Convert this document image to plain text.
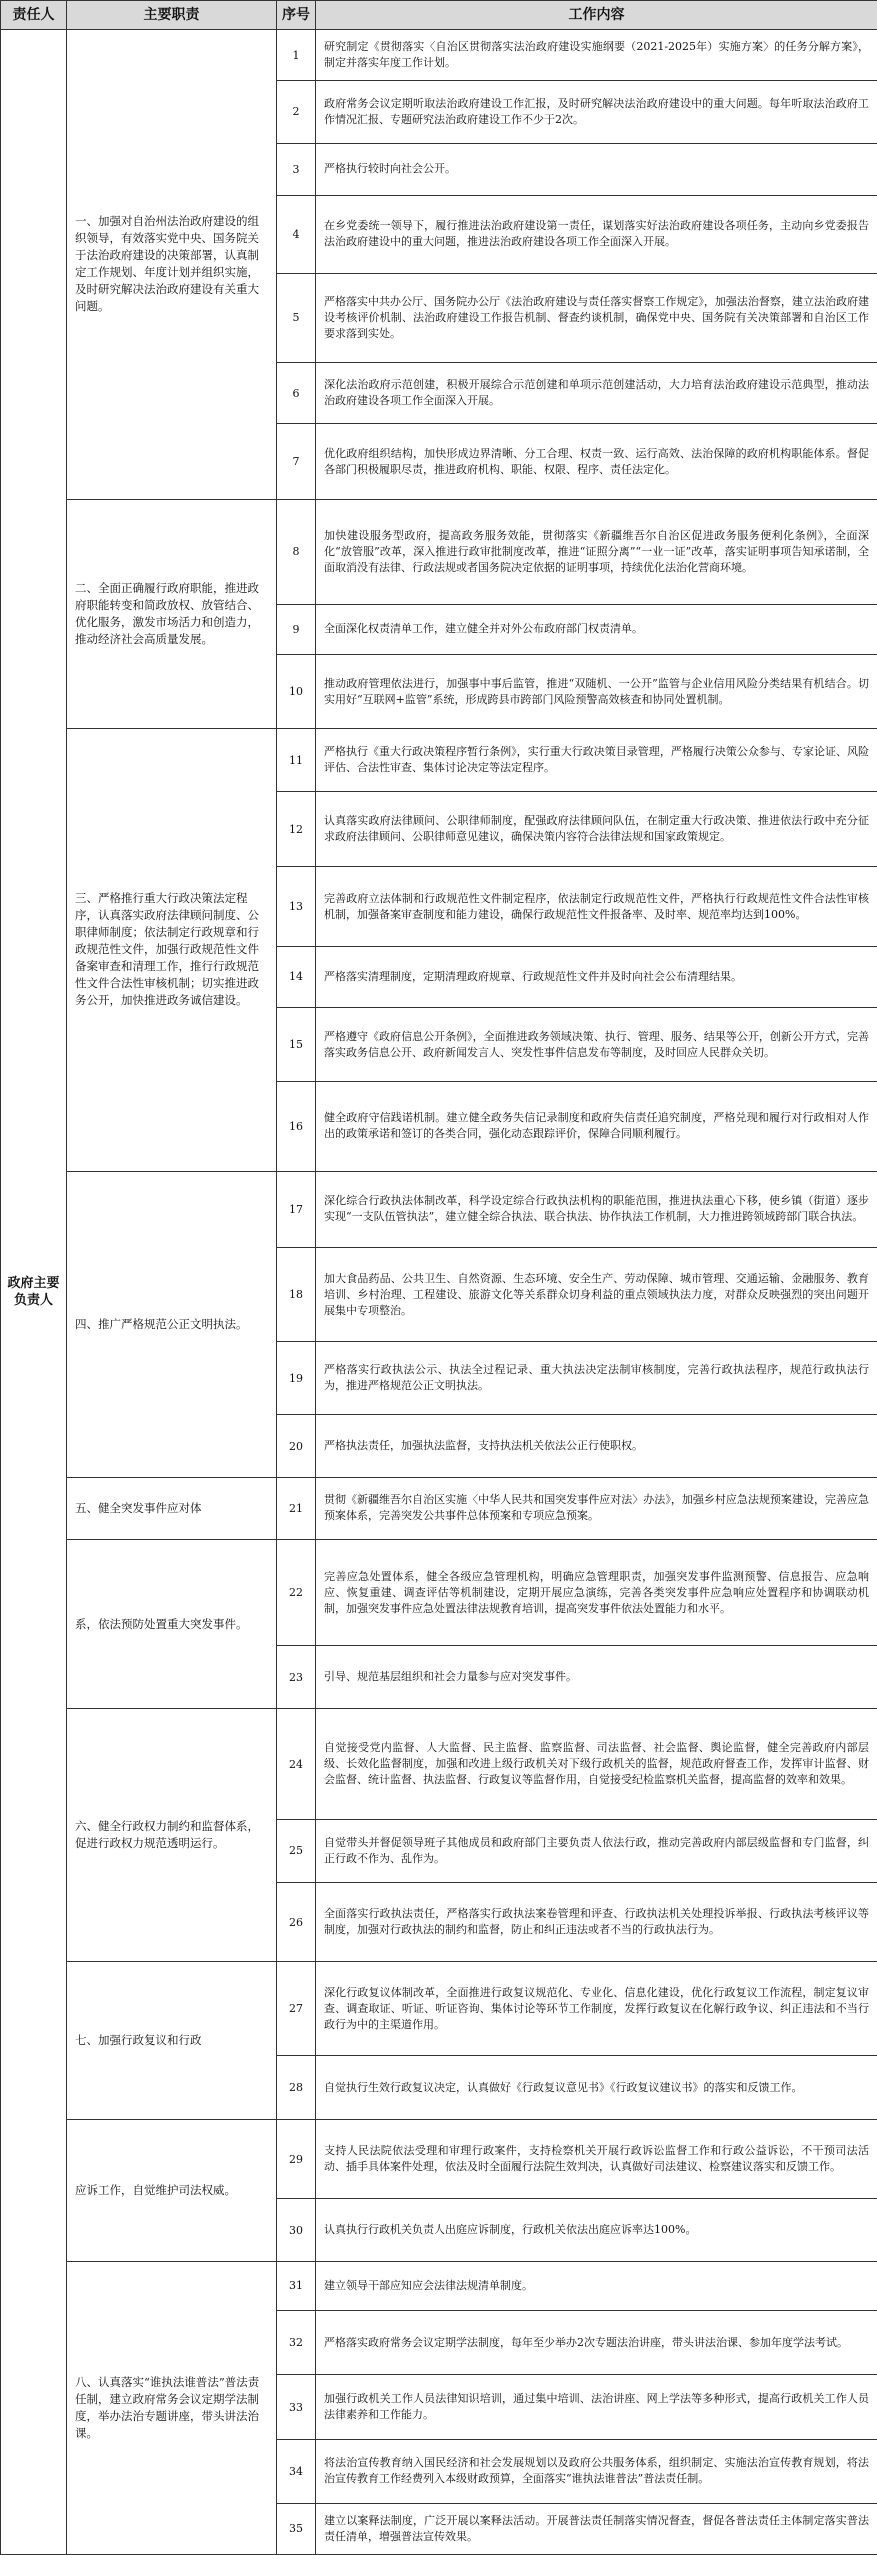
责任人	主要职责	序号	工作内容
政府主要负责人	一、加强对自治州法治政府建设的组织领导，有效落实党中央、国务院关于法治政府建设的决策部署，认真制定工作规划、年度计划并组织实施，及时研究解决法治政府建设有关重大问题。	1	研究制定《贯彻落实〈自治区贯彻落实法治政府建设实施纲要（2021-2025年）实施方案〉的任务分解方案》，制定并落实年度工作计划。
		2	政府常务会议定期听取法治政府建设工作汇报，及时研究解决法治政府建设中的重大问题。每年听取法治政府工作情况汇报、专题研究法治政府建设工作不少于2次。
		3	严格执行较时向社会公开。
		4	在乡党委统一领导下，履行推进法治政府建设第一责任，谋划落实好法治政府建设各项任务，主动向乡党委报告法治政府建设中的重大问题，推进法治政府建设各项工作全面深入开展。
		5	严格落实中共办公厅、国务院办公厅《法治政府建设与责任落实督察工作规定》，加强法治督察，建立法治政府建设考核评价机制、法治政府建设工作报告机制、督查约谈机制，确保党中央、国务院有关决策部署和自治区工作要求落到实处。
		6	深化法治政府示范创建，积极开展综合示范创建和单项示范创建活动，大力培育法治政府建设示范典型，推动法治政府建设各项工作全面深入开展。
		7	优化政府组织结构，加快形成边界清晰、分工合理、权责一致、运行高效、法治保障的政府机构职能体系。督促各部门积极履职尽责，推进政府机构、职能、权限、程序、责任法定化。
	二、全面正确履行政府职能，推进政府职能转变和简政放权、放管结合、优化服务，激发市场活力和创造力，推动经济社会高质量发展。	8	加快建设服务型政府，提高政务服务效能，贯彻落实《新疆维吾尔自治区促进政务服务便利化条例》，全面深化“放管服”改革，深入推进行政审批制度改革，推进“证照分离”“一业一证”改革，落实证明事项告知承诺制，全面取消没有法律、行政法规或者国务院决定依据的证明事项，持续优化法治化营商环境。
		9	全面深化权责清单工作，建立健全并对外公布政府部门权责清单。
		10	推动政府管理依法进行，加强事中事后监管，推进“双随机、一公开”监管与企业信用风险分类结果有机结合。切实用好“互联网+监管”系统，形成跨县市跨部门风险预警高效核查和协同处置机制。
	三、严格推行重大行政决策法定程序，认真落实政府法律顾问制度、公职律师制度；依法制定行政规章和行政规范性文件，加强行政规范性文件备案审查和清理工作，推行行政规范性文件合法性审核机制；切实推进政务公开，加快推进政务诚信建设。	11	严格执行《重大行政决策程序暂行条例》，实行重大行政决策目录管理，严格履行决策公众参与、专家论证、风险评估、合法性审查、集体讨论决定等法定程序。
		12	认真落实政府法律顾问、公职律师制度，配强政府法律顾问队伍，在制定重大行政决策、推进依法行政中充分征求政府法律顾问、公职律师意见建议，确保决策内容符合法律法规和国家政策规定。
		13	完善政府立法体制和行政规范性文件制定程序，依法制定行政规范性文件，严格执行行政规范性文件合法性审核机制，加强备案审查制度和能力建设，确保行政规范性文件报备率、及时率、规范率均达到100%。
		14	严格落实清理制度，定期清理政府规章、行政规范性文件并及时向社会公布清理结果。
		15	严格遵守《政府信息公开条例》，全面推进政务领域决策、执行、管理、服务、结果等公开，创新公开方式，完善落实政务信息公开、政府新闻发言人、突发性事件信息发布等制度，及时回应人民群众关切。
		16	健全政府守信践诺机制。建立健全政务失信记录制度和政府失信责任追究制度，严格兑现和履行对行政相对人作出的政策承诺和签订的各类合同，强化动态跟踪评价，保障合同顺利履行。
	四、推广严格规范公正文明执法。	17	深化综合行政执法体制改革，科学设定综合行政执法机构的职能范围，推进执法重心下移，使乡镇（街道）逐步实现“一支队伍管执法”，建立健全综合执法、联合执法、协作执法工作机制，大力推进跨领域跨部门联合执法。
		18	加大食品药品、公共卫生、自然资源、生态环境、安全生产、劳动保障、城市管理、交通运输、金融服务、教育培训、乡村治理、工程建设、旅游文化等关系群众切身利益的重点领域执法力度，对群众反映强烈的突出问题开展集中专项整治。
		19	严格落实行政执法公示、执法全过程记录、重大执法决定法制审核制度，完善行政执法程序，规范行政执法行为，推进严格规范公正文明执法。
		20	严格执法责任，加强执法监督，支持执法机关依法公正行使职权。
	五、健全突发事件应对体	21	贯彻《新疆维吾尔自治区实施〈中华人民共和国突发事件应对法〉办法》，加强乡村应急法规预案建设，完善应急预案体系，完善突发公共事件总体预案和专项应急预案。
	系，依法预防处置重大突发事件。	22	完善应急处置体系，健全各级应急管理机构，明确应急管理职责，加强突发事件监测预警、信息报告、应急响应、恢复重建、调查评估等机制建设，定期开展应急演练，完善各类突发事件应急响应处置程序和协调联动机制，加强突发事件应急处置法律法规教育培训，提高突发事件依法处置能力和水平。
		23	引导、规范基层组织和社会力量参与应对突发事件。
	六、健全行政权力制约和监督体系，促进行政权力规范透明运行。	24	自觉接受党内监督、人大监督、民主监督、监察监督、司法监督、社会监督、舆论监督，健全完善政府内部层级、长效化监督制度，加强和改进上级行政机关对下级行政机关的监督，规范政府督查工作，发挥审计监督、财会监督、统计监督、执法监督、行政复议等监督作用，自觉接受纪检监察机关监督，提高监督的效率和效果。
		25	自觉带头并督促领导班子其他成员和政府部门主要负责人依法行政，推动完善政府内部层级监督和专门监督，纠正行政不作为、乱作为。
		26	全面落实行政执法责任，严格落实行政执法案卷管理和评查、行政执法机关处理投诉举报、行政执法考核评议等制度，加强对行政执法的制约和监督，防止和纠正违法或者不当的行政执法行为。
	七、加强行政复议和行政	27	深化行政复议体制改革，全面推进行政复议规范化、专业化、信息化建设，优化行政复议工作流程，制定复议审查、调查取证、听证、听证咨询、集体讨论等环节工作制度，发挥行政复议在化解行政争议、纠正违法和不当行政行为中的主渠道作用。
		28	自觉执行生效行政复议决定，认真做好《行政复议意见书》《行政复议建议书》的落实和反馈工作。
	应诉工作，自觉维护司法权威。	29	支持人民法院依法受理和审理行政案件，支持检察机关开展行政诉讼监督工作和行政公益诉讼，不干预司法活动、插手具体案件处理，依法及时全面履行法院生效判决，认真做好司法建议、检察建议落实和反馈工作。
		30	认真执行行政机关负责人出庭应诉制度，行政机关依法出庭应诉率达100%。
	八、认真落实“谁执法谁普法”普法责任制，建立政府常务会议定期学法制度，举办法治专题讲座，带头讲法治课。	31	建立领导干部应知应会法律法规清单制度。
		32	严格落实政府常务会议定期学法制度，每年至少举办2次专题法治讲座，带头讲法治课、参加年度学法考试。
		33	加强行政机关工作人员法律知识培训，通过集中培训、法治讲座、网上学法等多种形式，提高行政机关工作人员法律素养和工作能力。
		34	将法治宣传教育纳入国民经济和社会发展规划以及政府公共服务体系，组织制定、实施法治宣传教育规划，将法治宣传教育工作经费列入本级财政预算，全面落实“谁执法谁普法”普法责任制。
		35	建立以案释法制度，广泛开展以案释法活动。开展普法责任制落实情况督查，督促各普法责任主体制定落实普法责任清单，增强普法宣传效果。
